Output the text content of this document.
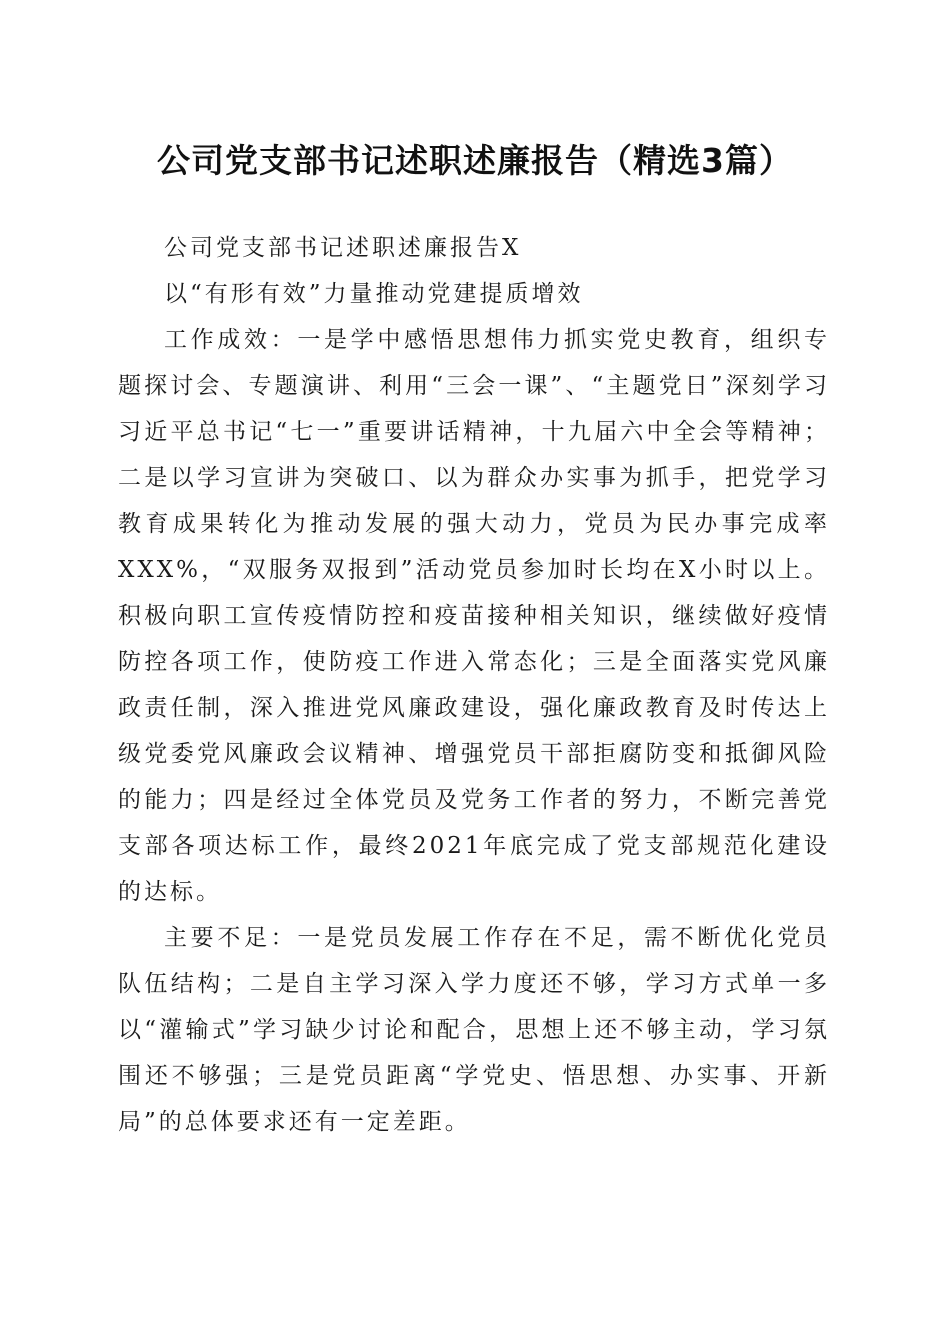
公司党支部书记述职述廉报告（精选3篇）

公司党支部书记述职述廉报告X

以“有形有效”力量推动党建提质增效

工作成效：一是学中感悟思想伟力抓实党史教育，组织专题探讨会、专题演讲、利用“三会一课”、“主题党日”深刻学习习近平总书记“七一”重要讲话精神，十九届六中全会等精神；二是以学习宣讲为突破口、以为群众办实事为抓手，把党学习教育成果转化为推动发展的强大动力，党员为民办事完成率XXX%，“双服务双报到”活动党员参加时长均在X小时以上。积极向职工宣传疫情防控和疫苗接种相关知识，继续做好疫情防控各项工作，使防疫工作进入常态化；三是全面落实党风廉政责任制，深入推进党风廉政建设，强化廉政教育及时传达上级党委党风廉政会议精神、增强党员干部拒腐防变和抵御风险的能力；四是经过全体党员及党务工作者的努力，不断完善党支部各项达标工作，最终2021年底完成了党支部规范化建设的达标。

主要不足：一是党员发展工作存在不足，需不断优化党员队伍结构；二是自主学习深入学力度还不够，学习方式单一多以“灌输式”学习缺少讨论和配合，思想上还不够主动，学习氛围还不够强；三是党员距离“学党史、悟思想、办实事、开新局”的总体要求还有一定差距。
